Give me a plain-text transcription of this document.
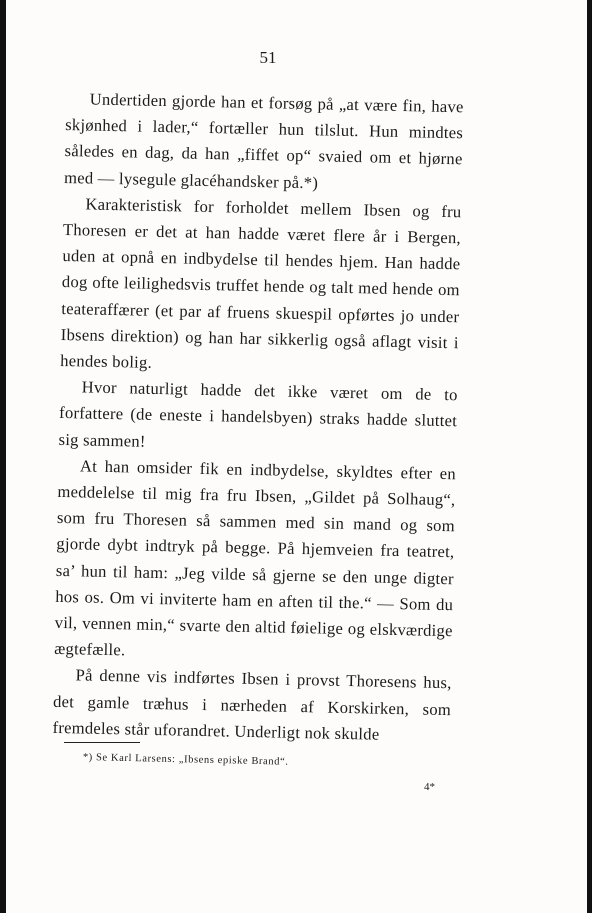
51

Undertiden gjorde han et forsøg på „at være fin, have skjønhed i lader,“ fortæller hun tilslut. Hun mindtes således en dag, da han „fiffet op“ svaied om et hjørne med — lysegule glacéhandsker på.*)

Karakteristisk for forholdet mellem Ibsen og fru Thoresen er det at han hadde været flere år i Bergen, uden at opnå en indbydelse til hendes hjem. Han hadde dog ofte leilighedsvis truffet hende og talt med hende om teateraffærer (et par af fruens skuespil opførtes jo under Ibsens direktion) og han har sikkerlig også aflagt visit i hendes bolig.

Hvor naturligt hadde det ikke været om de to forfattere (de eneste i handelsbyen) straks hadde sluttet sig sammen!

At han omsider fik en indbydelse, skyldtes efter en meddelelse til mig fra fru Ibsen, „Gildet på Solhaug“, som fru Thoresen så sammen med sin mand og som gjorde dybt indtryk på begge. På hjemveien fra teatret, sa’ hun til ham: „Jeg vilde så gjerne se den unge digter hos os. Om vi inviterte ham en aften til the.“ — Som du vil, vennen min,“ svarte den altid føielige og elskværdige ægtefælle.

På denne vis indførtes Ibsen i provst Thoresens hus, det gamle træhus i nærheden af Korskirken, som fremdeles står uforandret. Underligt nok skulde

*) Se Karl Larsens: „Ibsens episke Brand“.
4*
